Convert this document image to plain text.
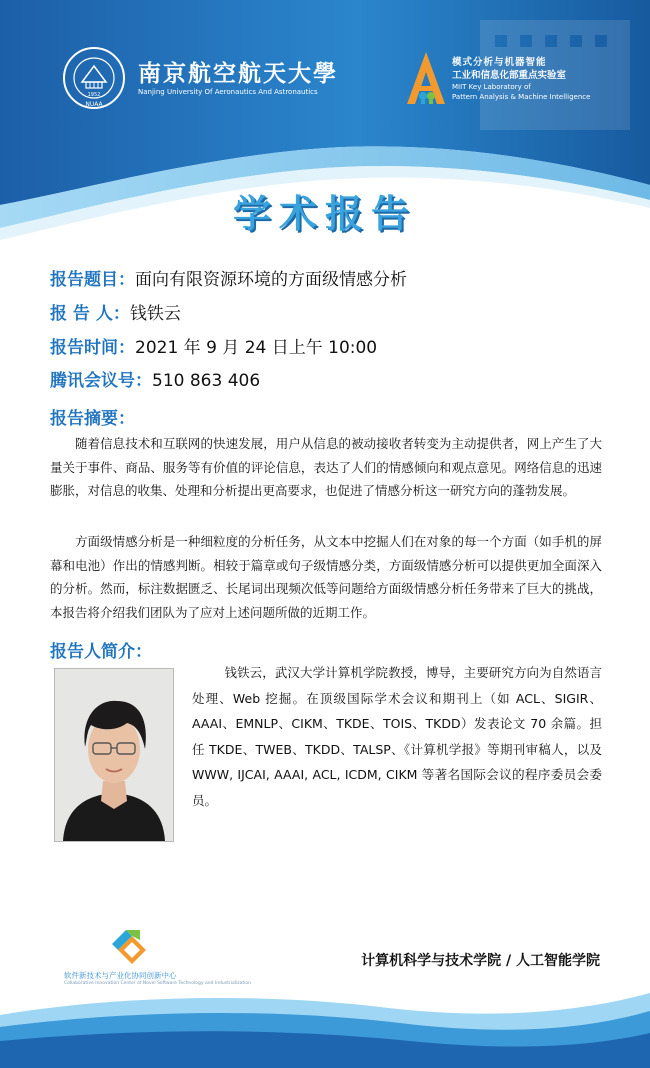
1952
NUAA
南京航空航天大學
Nanjing University Of Aeronautics And Astronautics
模式分析与机器智能
工业和信息化部重点实验室
MIIT Key Laboratory of
Pattern Analysis & Machine Intelligence
学术报告
报告题目：面向有限资源环境的方面级情感分析
报 告 人：钱铁云
报告时间：2021 年 9 月 24 日上午 10:00
腾讯会议号：510 863 406
报告摘要：

随着信息技术和互联网的快速发展，用户从信息的被动接收者转变为主动提供者，网上产生了大量关于事件、商品、服务等有价值的评论信息，表达了人们的情感倾向和观点意见。网络信息的迅速膨胀，对信息的收集、处理和分析提出更高要求，也促进了情感分析这一研究方向的蓬勃发展。

方面级情感分析是一种细粒度的分析任务，从文本中挖掘人们在对象的每一个方面（如手机的屏幕和电池）作出的情感判断。相较于篇章或句子级情感分类，方面级情感分析可以提供更加全面深入的分析。然而，标注数据匮乏、长尾词出现频次低等问题给方面级情感分析任务带来了巨大的挑战，本报告将介绍我们团队为了应对上述问题所做的近期工作。

报告人简介：

钱铁云，武汉大学计算机学院教授，博导，主要研究方向为自然语言处理、Web 挖掘。在顶级国际学术会议和期刊上（如 ACL、SIGIR、AAAI、EMNLP、CIKM、TKDE、TOIS、TKDD）发表论文 70 余篇。担任 TKDE、TWEB、TKDD、TALSP、《计算机学报》等期刊审稿人，以及 WWW, IJCAI, AAAI, ACL, ICDM, CIKM 等著名国际会议的程序委员会委员。

软件新技术与产业化协同创新中心
Collaborative Innovation Center of Novel Software Technology and Industrialization
计算机科学与技术学院 / 人工智能学院
